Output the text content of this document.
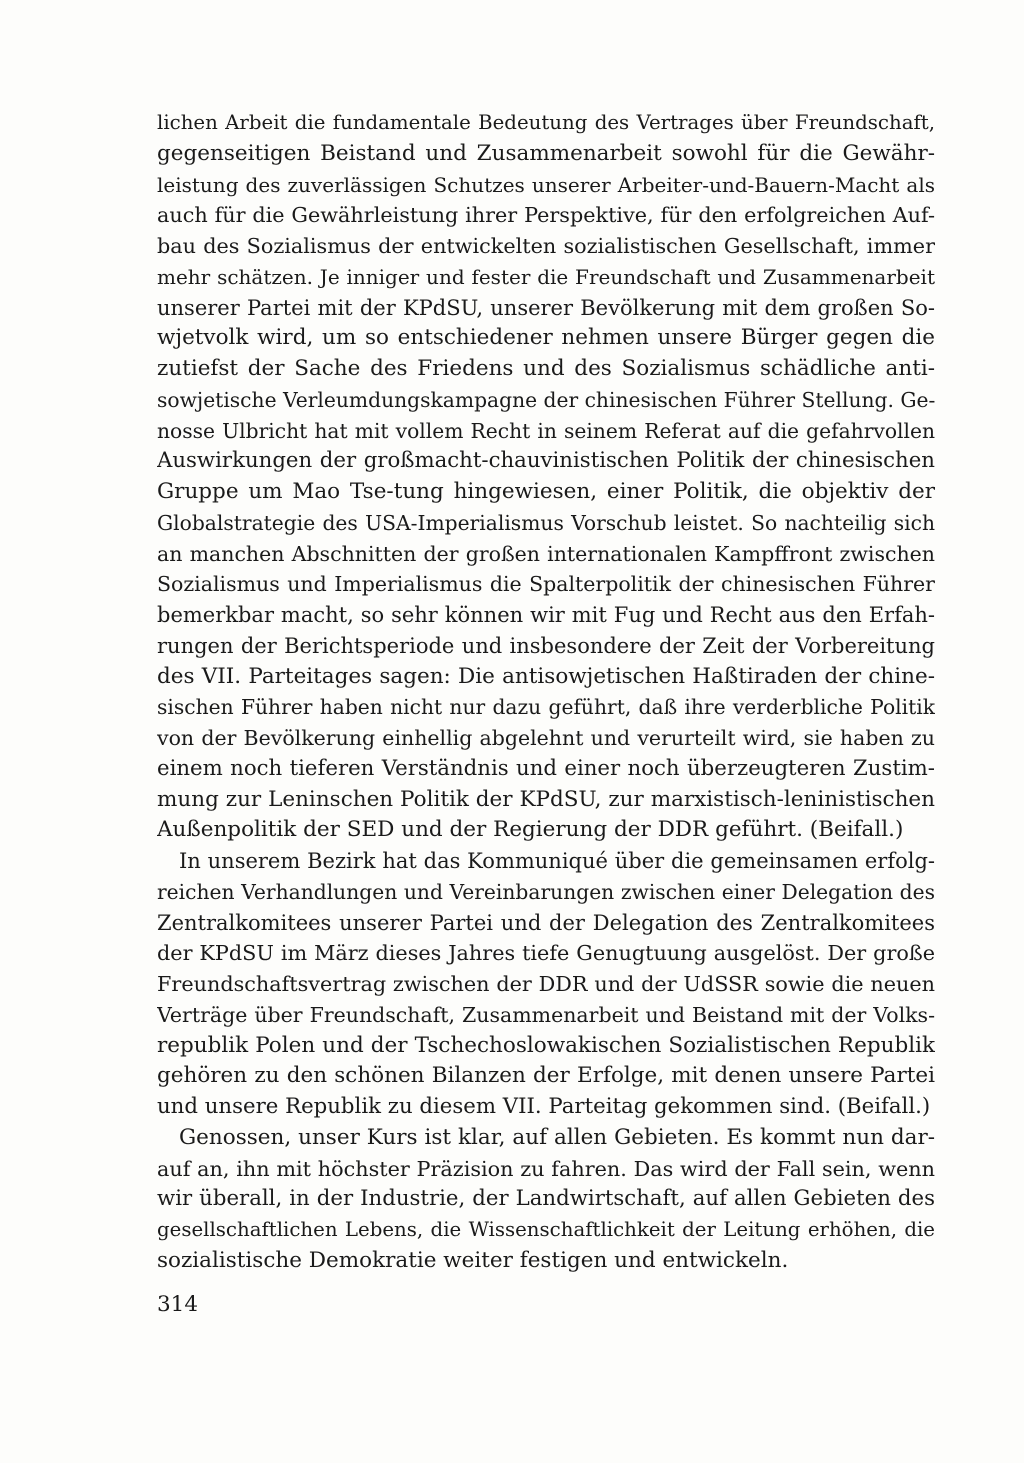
lichen Arbeit die fundamentale Bedeutung des Vertrages über Freundschaft,
gegenseitigen Beistand und Zusammenarbeit sowohl für die Gewähr-
leistung des zuverlässigen Schutzes unserer Arbeiter-und-Bauern-Macht als
auch für die Gewährleistung ihrer Perspektive, für den erfolgreichen Auf-
bau des Sozialismus der entwickelten sozialistischen Gesellschaft, immer
mehr schätzen. Je inniger und fester die Freundschaft und Zusammenarbeit
unserer Partei mit der KPdSU, unserer Bevölkerung mit dem großen So-
wjetvolk wird, um so entschiedener nehmen unsere Bürger gegen die
zutiefst der Sache des Friedens und des Sozialismus schädliche anti-
sowjetische Verleumdungskampagne der chinesischen Führer Stellung. Ge-
nosse Ulbricht hat mit vollem Recht in seinem Referat auf die gefahrvollen
Auswirkungen der großmacht-chauvinistischen Politik der chinesischen
Gruppe um Mao Tse-tung hingewiesen, einer Politik, die objektiv der
Globalstrategie des USA-Imperialismus Vorschub leistet. So nachteilig sich
an manchen Abschnitten der großen internationalen Kampffront zwischen
Sozialismus und Imperialismus die Spalterpolitik der chinesischen Führer
bemerkbar macht, so sehr können wir mit Fug und Recht aus den Erfah-
rungen der Berichtsperiode und insbesondere der Zeit der Vorbereitung
des VII. Parteitages sagen: Die antisowjetischen Haßtiraden der chine-
sischen Führer haben nicht nur dazu geführt, daß ihre verderbliche Politik
von der Bevölkerung einhellig abgelehnt und verurteilt wird, sie haben zu
einem noch tieferen Verständnis und einer noch überzeugteren Zustim-
mung zur Leninschen Politik der KPdSU, zur marxistisch-leninistischen
Außenpolitik der SED und der Regierung der DDR geführt. (Beifall.)
In unserem Bezirk hat das Kommuniqué über die gemeinsamen erfolg-
reichen Verhandlungen und Vereinbarungen zwischen einer Delegation des
Zentralkomitees unserer Partei und der Delegation des Zentralkomitees
der KPdSU im März dieses Jahres tiefe Genugtuung ausgelöst. Der große
Freundschaftsvertrag zwischen der DDR und der UdSSR sowie die neuen
Verträge über Freundschaft, Zusammenarbeit und Beistand mit der Volks-
republik Polen und der Tschechoslowakischen Sozialistischen Republik
gehören zu den schönen Bilanzen der Erfolge, mit denen unsere Partei
und unsere Republik zu diesem VII. Parteitag gekommen sind. (Beifall.)
Genossen, unser Kurs ist klar, auf allen Gebieten. Es kommt nun dar-
auf an, ihn mit höchster Präzision zu fahren. Das wird der Fall sein, wenn
wir überall, in der Industrie, der Landwirtschaft, auf allen Gebieten des
gesellschaftlichen Lebens, die Wissenschaftlichkeit der Leitung erhöhen, die
sozialistische Demokratie weiter festigen und entwickeln.
314
